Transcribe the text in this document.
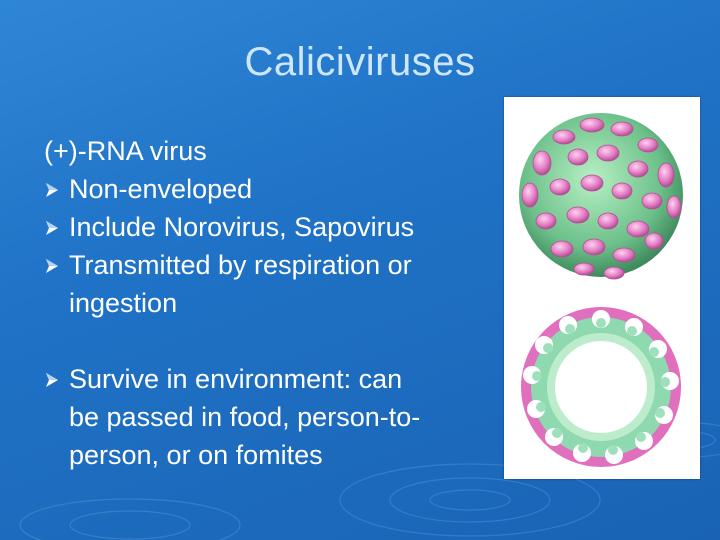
Caliciviruses
(+)-RNA virus
Non-enveloped
Include Norovirus, Sapovirus
Transmitted by respiration or
ingestion
Survive in environment: can
be passed in food, person-to-
person, or on fomites
